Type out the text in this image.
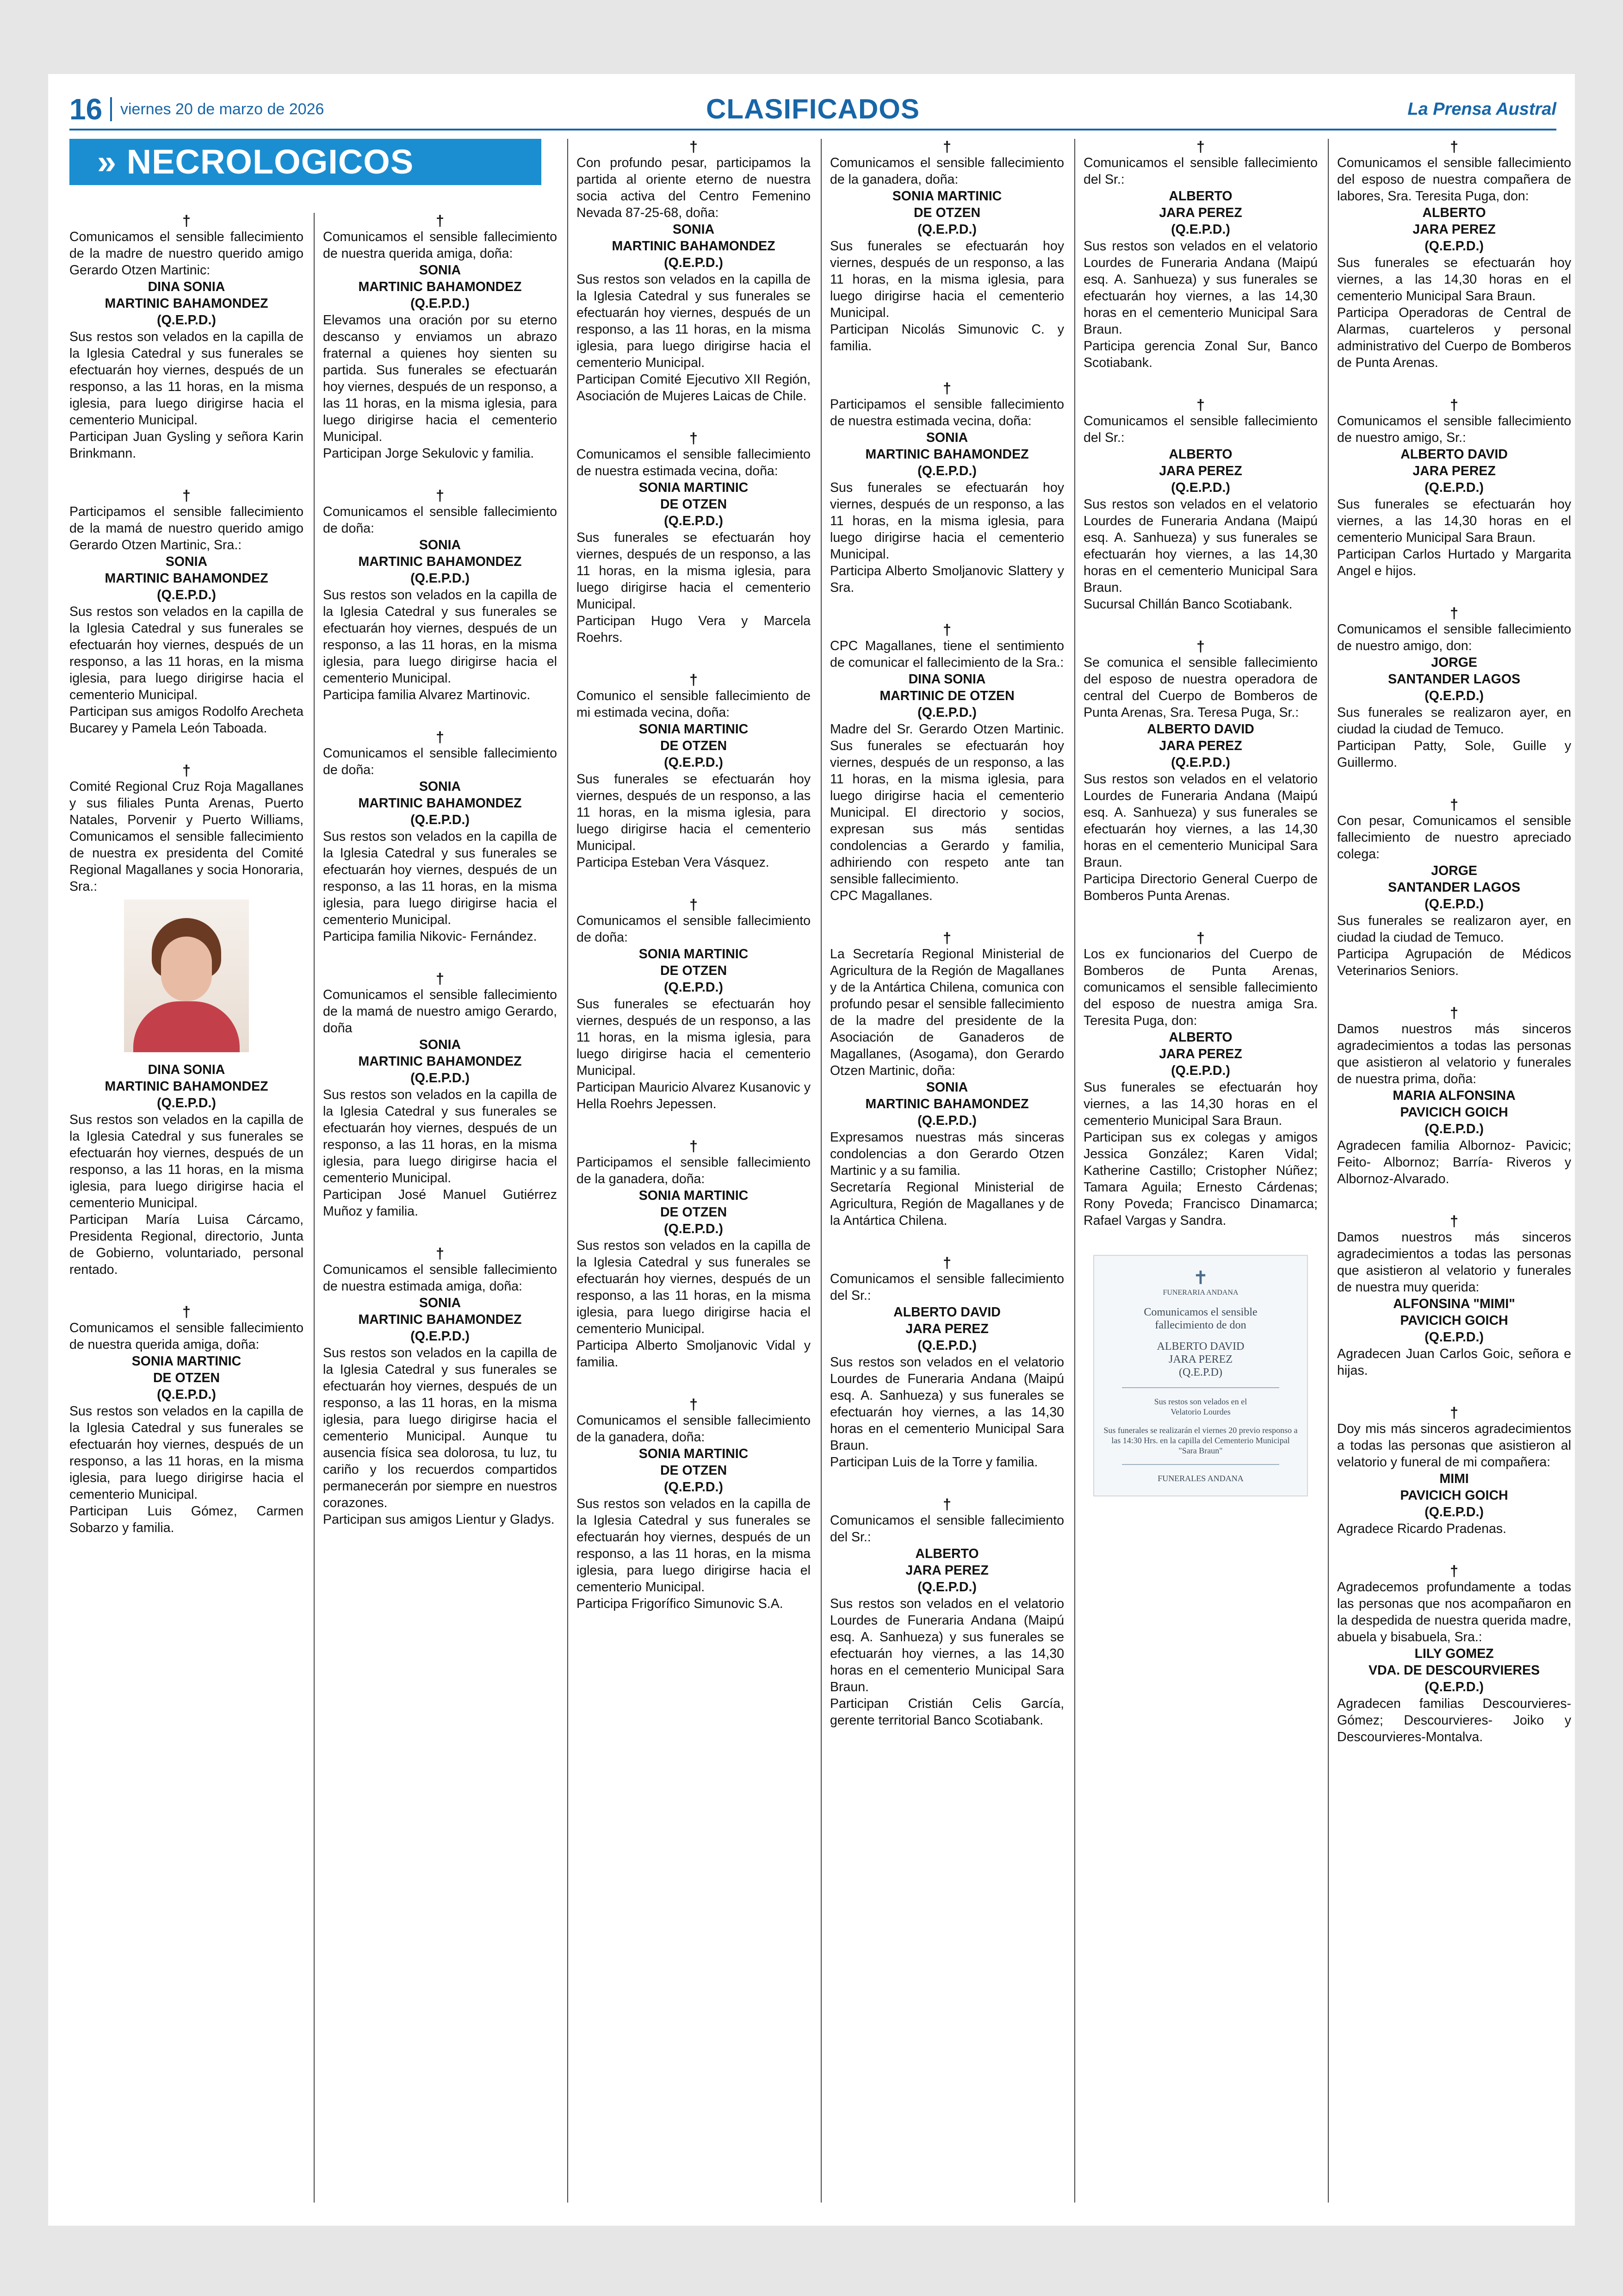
16 viernes 20 de marzo de 2026	CLASIFICADOS	La Prensa Austral
» NECROLOGICOS
†

Comunicamos el sensible fallecimiento de la madre de nuestro querido amigo Gerardo Otzen Martinic:

DINA SONIA

MARTINIC BAHAMONDEZ

(Q.E.P.D.)

Sus restos son velados en la capilla de la Iglesia Catedral y sus funerales se efectuarán hoy viernes, después de un responso, a las 11 horas, en la misma iglesia, para luego dirigirse hacia el cementerio Municipal.

Participan Juan Gysling y señora Karin Brinkmann.

†

Participamos el sensible fallecimiento de la mamá de nuestro querido amigo Gerardo Otzen Martinic, Sra.:

SONIA

MARTINIC BAHAMONDEZ

(Q.E.P.D.)

Sus restos son velados en la capilla de la Iglesia Catedral y sus funerales se efectuarán hoy viernes, después de un responso, a las 11 horas, en la misma iglesia, para luego dirigirse hacia el cementerio Municipal.

Participan sus amigos Rodolfo Arecheta Bucarey y Pamela León Taboada.

†

Comité Regional Cruz Roja Magallanes y sus filiales Punta Arenas, Puerto Natales, Porvenir y Puerto Williams, Comunicamos el sensible fallecimiento de nuestra ex presidenta del Comité Regional Magallanes y socia Honoraria, Sra.:

DINA SONIA

MARTINIC BAHAMONDEZ

(Q.E.P.D.)

Sus restos son velados en la capilla de la Iglesia Catedral y sus funerales se efectuarán hoy viernes, después de un responso, a las 11 horas, en la misma iglesia, para luego dirigirse hacia el cementerio Municipal.

Participan María Luisa Cárcamo, Presidenta Regional, directorio, Junta de Gobierno, voluntariado, personal rentado.

†

Comunicamos el sensible fallecimiento de nuestra querida amiga, doña:

SONIA MARTINIC

DE OTZEN

(Q.E.P.D.)

Sus restos son velados en la capilla de la Iglesia Catedral y sus funerales se efectuarán hoy viernes, después de un responso, a las 11 horas, en la misma iglesia, para luego dirigirse hacia el cementerio Municipal.

Participan Luis Gómez, Carmen Sobarzo y familia.

†

Comunicamos el sensible fallecimiento de nuestra querida amiga, doña:

SONIA

MARTINIC BAHAMONDEZ

(Q.E.P.D.)

Elevamos una oración por su eterno descanso y enviamos un abrazo fraternal a quienes hoy sienten su partida. Sus funerales se efectuarán hoy viernes, después de un responso, a las 11 horas, en la misma iglesia, para luego dirigirse hacia el cementerio Municipal.

Participan Jorge Sekulovic y familia.

†

Comunicamos el sensible fallecimiento de doña:

SONIA

MARTINIC BAHAMONDEZ

(Q.E.P.D.)

Sus restos son velados en la capilla de la Iglesia Catedral y sus funerales se efectuarán hoy viernes, después de un responso, a las 11 horas, en la misma iglesia, para luego dirigirse hacia el cementerio Municipal.

Participa familia Alvarez Martinovic.

†

Comunicamos el sensible fallecimiento de doña:

SONIA

MARTINIC BAHAMONDEZ

(Q.E.P.D.)

Sus restos son velados en la capilla de la Iglesia Catedral y sus funerales se efectuarán hoy viernes, después de un responso, a las 11 horas, en la misma iglesia, para luego dirigirse hacia el cementerio Municipal.

Participa familia Nikovic- Fernández.

†

Comunicamos el sensible fallecimiento de la mamá de nuestro amigo Gerardo, doña

SONIA

MARTINIC BAHAMONDEZ

(Q.E.P.D.)

Sus restos son velados en la capilla de la Iglesia Catedral y sus funerales se efectuarán hoy viernes, después de un responso, a las 11 horas, en la misma iglesia, para luego dirigirse hacia el cementerio Municipal.

Participan José Manuel Gutiérrez Muñoz y familia.

†

Comunicamos el sensible fallecimiento de nuestra estimada amiga, doña:

SONIA

MARTINIC BAHAMONDEZ

(Q.E.P.D.)

Sus restos son velados en la capilla de la Iglesia Catedral y sus funerales se efectuarán hoy viernes, después de un responso, a las 11 horas, en la misma iglesia, para luego dirigirse hacia el cementerio Municipal. Aunque tu ausencia física sea dolorosa, tu luz, tu cariño y los recuerdos compartidos permanecerán por siempre en nuestros corazones.

Participan sus amigos Lientur y Gladys.

†

Con profundo pesar, participamos la partida al oriente eterno de nuestra socia activa del Centro Femenino Nevada 87-25-68, doña:

SONIA

MARTINIC BAHAMONDEZ

(Q.E.P.D.)

Sus restos son velados en la capilla de la Iglesia Catedral y sus funerales se efectuarán hoy viernes, después de un responso, a las 11 horas, en la misma iglesia, para luego dirigirse hacia el cementerio Municipal.

Participan Comité Ejecutivo XII Región, Asociación de Mujeres Laicas de Chile.

†

Comunicamos el sensible fallecimiento de nuestra estimada vecina, doña:

SONIA MARTINIC

DE OTZEN

(Q.E.P.D.)

Sus funerales se efectuarán hoy viernes, después de un responso, a las 11 horas, en la misma iglesia, para luego dirigirse hacia el cementerio Municipal.

Participan Hugo Vera y Marcela Roehrs.

†

Comunico el sensible fallecimiento de mi estimada vecina, doña:

SONIA MARTINIC

DE OTZEN

(Q.E.P.D.)

Sus funerales se efectuarán hoy viernes, después de un responso, a las 11 horas, en la misma iglesia, para luego dirigirse hacia el cementerio Municipal.

Participa Esteban Vera Vásquez.

†

Comunicamos el sensible fallecimiento de doña:

SONIA MARTINIC

DE OTZEN

(Q.E.P.D.)

Sus funerales se efectuarán hoy viernes, después de un responso, a las 11 horas, en la misma iglesia, para luego dirigirse hacia el cementerio Municipal.

Participan Mauricio Alvarez Kusanovic y Hella Roehrs Jepessen.

†

Participamos el sensible fallecimiento de la ganadera, doña:

SONIA MARTINIC

DE OTZEN

(Q.E.P.D.)

Sus restos son velados en la capilla de la Iglesia Catedral y sus funerales se efectuarán hoy viernes, después de un responso, a las 11 horas, en la misma iglesia, para luego dirigirse hacia el cementerio Municipal.

Participa Alberto Smoljanovic Vidal y familia.

†

Comunicamos el sensible fallecimiento de la ganadera, doña:

SONIA MARTINIC

DE OTZEN

(Q.E.P.D.)

Sus restos son velados en la capilla de la Iglesia Catedral y sus funerales se efectuarán hoy viernes, después de un responso, a las 11 horas, en la misma iglesia, para luego dirigirse hacia el cementerio Municipal.

Participa Frigorífico Simunovic S.A.

†

Comunicamos el sensible fallecimiento de la ganadera, doña:

SONIA MARTINIC

DE OTZEN

(Q.E.P.D.)

Sus funerales se efectuarán hoy viernes, después de un responso, a las 11 horas, en la misma iglesia, para luego dirigirse hacia el cementerio Municipal.

Participan Nicolás Simunovic C. y familia.

†

Participamos el sensible fallecimiento de nuestra estimada vecina, doña:

SONIA

MARTINIC BAHAMONDEZ

(Q.E.P.D.)

Sus funerales se efectuarán hoy viernes, después de un responso, a las 11 horas, en la misma iglesia, para luego dirigirse hacia el cementerio Municipal.

Participa Alberto Smoljanovic Slattery y Sra.

†

CPC Magallanes, tiene el sentimiento de comunicar el fallecimiento de la Sra.:

DINA SONIA

MARTINIC DE OTZEN

(Q.E.P.D.)

Madre del Sr. Gerardo Otzen Martinic. Sus funerales se efectuarán hoy viernes, después de un responso, a las 11 horas, en la misma iglesia, para luego dirigirse hacia el cementerio Municipal. El directorio y socios, expresan sus más sentidas condolencias a Gerardo y familia, adhiriendo con respeto ante tan sensible fallecimiento.

CPC Magallanes.

†

La Secretaría Regional Ministerial de Agricultura de la Región de Magallanes y de la Antártica Chilena, comunica con profundo pesar el sensible fallecimiento de la madre del presidente de la Asociación de Ganaderos de Magallanes, (Asogama), don Gerardo Otzen Martinic, doña:

SONIA

MARTINIC BAHAMONDEZ

(Q.E.P.D.)

Expresamos nuestras más sinceras condolencias a don Gerardo Otzen Martinic y a su familia.

Secretaría Regional Ministerial de Agricultura, Región de Magallanes y de la Antártica Chilena.

†

Comunicamos el sensible fallecimiento del Sr.:

ALBERTO DAVID

JARA PEREZ

(Q.E.P.D.)

Sus restos son velados en el velatorio Lourdes de Funeraria Andana (Maipú esq. A. Sanhueza) y sus funerales se efectuarán hoy viernes, a las 14,30 horas en el cementerio Municipal Sara Braun.

Participan Luis de la Torre y familia.

†

Comunicamos el sensible fallecimiento del Sr.:

ALBERTO

JARA PEREZ

(Q.E.P.D.)

Sus restos son velados en el velatorio Lourdes de Funeraria Andana (Maipú esq. A. Sanhueza) y sus funerales se efectuarán hoy viernes, a las 14,30 horas en el cementerio Municipal Sara Braun.

Participan Cristián Celis García, gerente territorial Banco Scotiabank.

†

Comunicamos el sensible fallecimiento del Sr.:

ALBERTO

JARA PEREZ

(Q.E.P.D.)

Sus restos son velados en el velatorio Lourdes de Funeraria Andana (Maipú esq. A. Sanhueza) y sus funerales se efectuarán hoy viernes, a las 14,30 horas en el cementerio Municipal Sara Braun.

Participa gerencia Zonal Sur, Banco Scotiabank.

†

Comunicamos el sensible fallecimiento del Sr.:

ALBERTO

JARA PEREZ

(Q.E.P.D.)

Sus restos son velados en el velatorio Lourdes de Funeraria Andana (Maipú esq. A. Sanhueza) y sus funerales se efectuarán hoy viernes, a las 14,30 horas en el cementerio Municipal Sara Braun.

Sucursal Chillán Banco Scotiabank.

†

Se comunica el sensible fallecimiento del esposo de nuestra operadora de central del Cuerpo de Bomberos de Punta Arenas, Sra. Teresa Puga, Sr.:

ALBERTO DAVID

JARA PEREZ

(Q.E.P.D.)

Sus restos son velados en el velatorio Lourdes de Funeraria Andana (Maipú esq. A. Sanhueza) y sus funerales se efectuarán hoy viernes, a las 14,30 horas en el cementerio Municipal Sara Braun.

Participa Directorio General Cuerpo de Bomberos Punta Arenas.

†

Los ex funcionarios del Cuerpo de Bomberos de Punta Arenas, comunicamos el sensible fallecimiento del esposo de nuestra amiga Sra. Teresita Puga, don:

ALBERTO

JARA PEREZ

(Q.E.P.D.)

Sus funerales se efectuarán hoy viernes, a las 14,30 horas en el cementerio Municipal Sara Braun.

Participan sus ex colegas y amigos Jessica González; Karen Vidal; Katherine Castillo; Cristopher Núñez; Tamara Aguila; Ernesto Cárdenas; Rony Poveda; Francisco Dinamarca; Rafael Vargas y Sandra.

✝
FUNERARIA ANDANA

Comunicamos el sensible

fallecimiento de don

ALBERTO DAVID

JARA PEREZ

(Q.E.P.D)

Sus restos son velados en el

Velatorio Lourdes

Sus funerales se realizarán el viernes 20 previo responso a las 14:30 Hrs. en la capilla del Cementerio Municipal "Sara Braun"

FUNERALES ANDANA

†

Comunicamos el sensible fallecimiento del esposo de nuestra compañera de labores, Sra. Teresita Puga, don:

ALBERTO

JARA PEREZ

(Q.E.P.D.)

Sus funerales se efectuarán hoy viernes, a las 14,30 horas en el cementerio Municipal Sara Braun.

Participa Operadoras de Central de Alarmas, cuarteleros y personal administrativo del Cuerpo de Bomberos de Punta Arenas.

†

Comunicamos el sensible fallecimiento de nuestro amigo, Sr.:

ALBERTO DAVID

JARA PEREZ

(Q.E.P.D.)

Sus funerales se efectuarán hoy viernes, a las 14,30 horas en el cementerio Municipal Sara Braun.

Participan Carlos Hurtado y Margarita Angel e hijos.

†

Comunicamos el sensible fallecimiento de nuestro amigo, don:

JORGE

SANTANDER LAGOS

(Q.E.P.D.)

Sus funerales se realizaron ayer, en ciudad la ciudad de Temuco.

Participan Patty, Sole, Guille y Guillermo.

†

Con pesar, Comunicamos el sensible fallecimiento de nuestro apreciado colega:

JORGE

SANTANDER LAGOS

(Q.E.P.D.)

Sus funerales se realizaron ayer, en ciudad la ciudad de Temuco.

Participa Agrupación de Médicos Veterinarios Seniors.

†

Damos nuestros más sinceros agradecimientos a todas las personas que asistieron al velatorio y funerales de nuestra prima, doña:

MARIA ALFONSINA

PAVICICH GOICH

(Q.E.P.D.)

Agradecen familia Albornoz- Pavicic; Feito- Albornoz; Barría- Riveros y Albornoz-Alvarado.

†

Damos nuestros más sinceros agradecimientos a todas las personas que asistieron al velatorio y funerales de nuestra muy querida:

ALFONSINA "MIMI"

PAVICICH GOICH

(Q.E.P.D.)

Agradecen Juan Carlos Goic, señora e hijas.

†

Doy mis más sinceros agradecimientos a todas las personas que asistieron al velatorio y funeral de mi compañera:

MIMI

PAVICICH GOICH

(Q.E.P.D.)

Agradece Ricardo Pradenas.

†

Agradecemos profundamente a todas las personas que nos acompañaron en la despedida de nuestra querida madre, abuela y bisabuela, Sra.:

LILY GOMEZ

VDA. DE DESCOURVIERES

(Q.E.P.D.)

Agradecen familias Descourvieres- Gómez; Descourvieres- Joiko y Descourvieres-Montalva.
